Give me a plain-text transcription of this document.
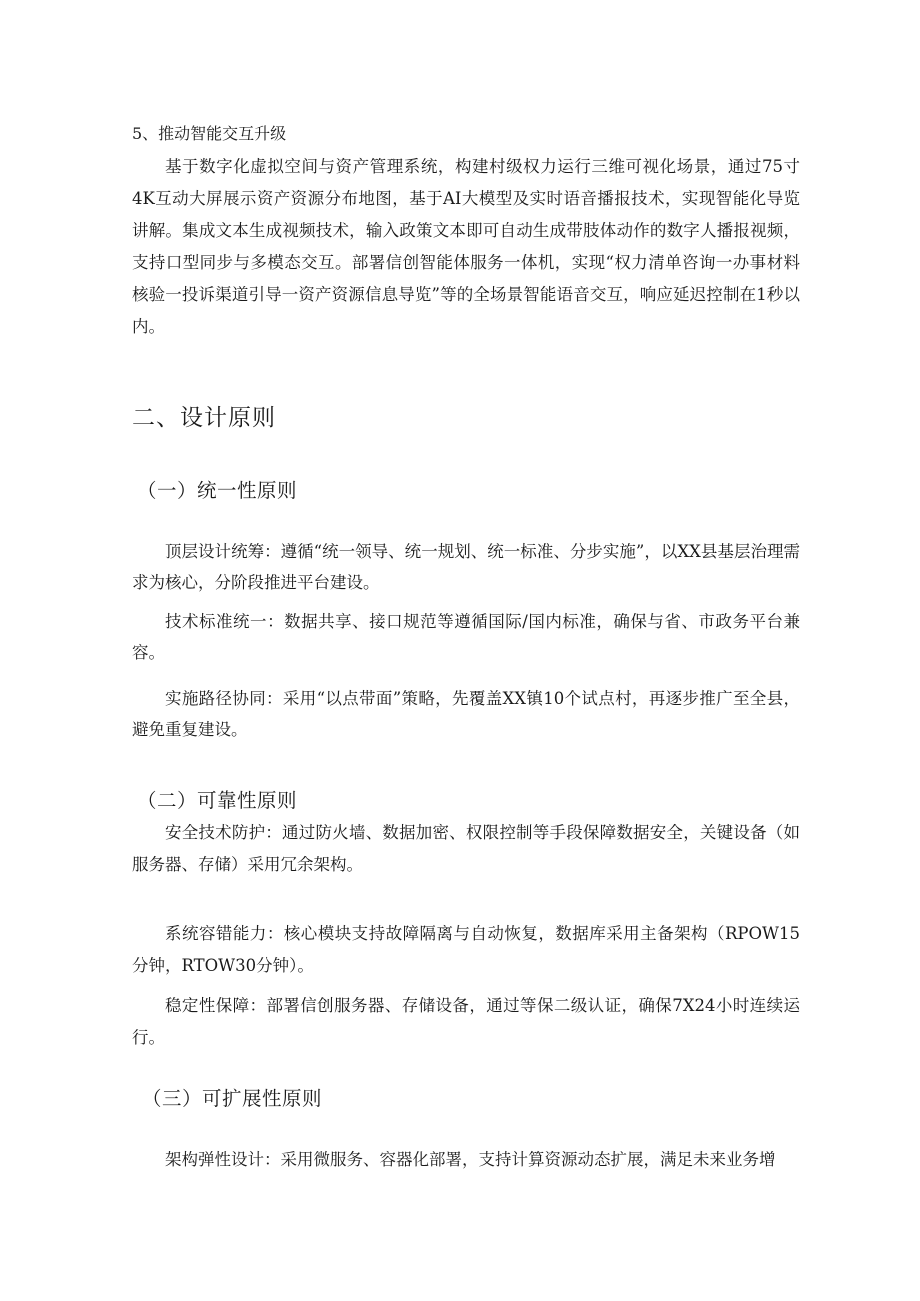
5、推动智能交互升级

基于数字化虚拟空间与资产管理系统，构建村级权力运行三维可视化场景，通过75寸4K互动大屏展示资产资源分布地图，基于AI大模型及实时语音播报技术，实现智能化导览讲解。集成文本生成视频技术，输入政策文本即可自动生成带肢体动作的数字人播报视频，支持口型同步与多模态交互。部署信创智能体服务一体机，实现“权力清单咨询一办事材料核验一投诉渠道引导一资产资源信息导览”等的全场景智能语音交互，响应延迟控制在1秒以内。

二、设计原则
（一）统一性原则

顶层设计统筹：遵循“统一领导、统一规划、统一标准、分步实施”，以XX县基层治理需求为核心，分阶段推进平台建设。

技术标准统一：数据共享、接口规范等遵循国际/国内标准，确保与省、市政务平台兼容。

实施路径协同：采用“以点带面”策略，先覆盖XX镇10个试点村，再逐步推广至全县，避免重复建设。

（二）可靠性原则

安全技术防护：通过防火墙、数据加密、权限控制等手段保障数据安全，关键设备（如服务器、存储）采用冗余架构。

系统容错能力：核心模块支持故障隔离与自动恢复，数据库采用主备架构（RPOW15分钟，RTOW30分钟）。

稳定性保障：部署信创服务器、存储设备，通过等保二级认证，确保7X24小时连续运行。

（三）可扩展性原则

架构弹性设计：采用微服务、容器化部署，支持计算资源动态扩展，满足未来业务增
